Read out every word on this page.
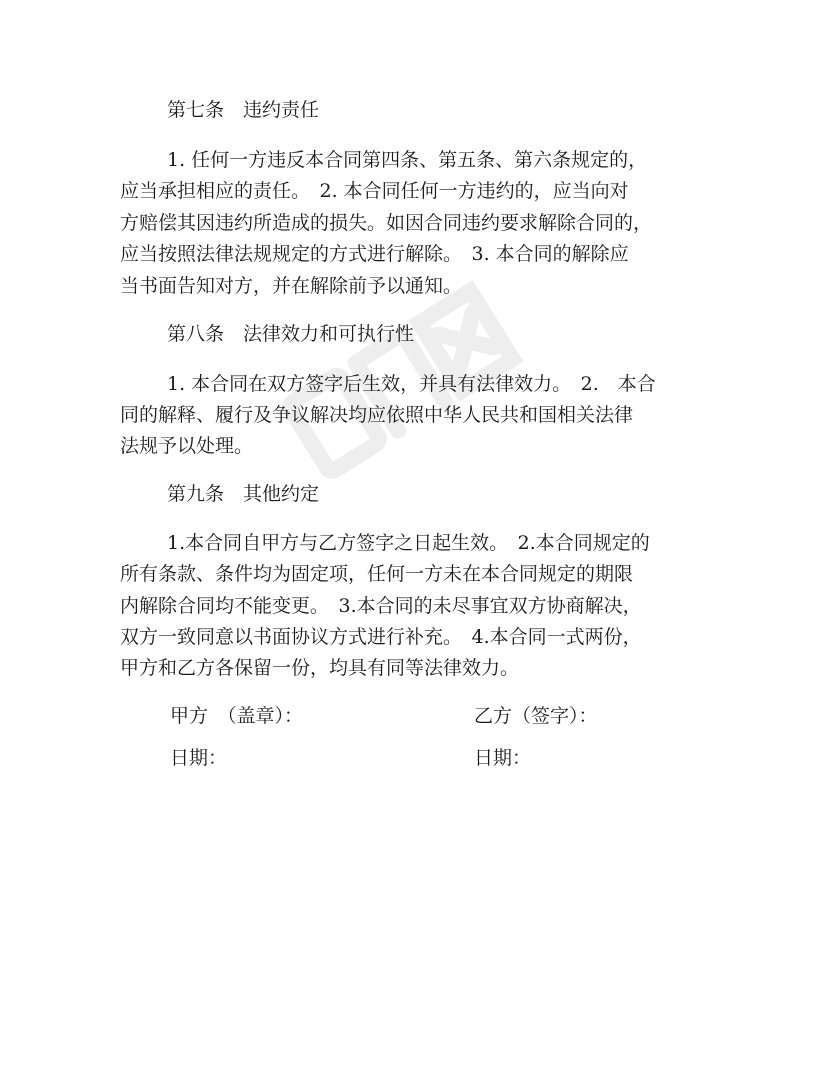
第七条　违约责任
1. 任何一方违反本合同第四条、第五条、第六条规定的，
应当承担相应的责任。　2. 本合同任何一方违约的，应当向对
方赔偿其因违约所造成的损失。如因合同违约要求解除合同的，
应当按照法律法规规定的方式进行解除。　3. 本合同的解除应
当书面告知对方，并在解除前予以通知。
第八条　法律效力和可执行性
1. 本合同在双方签字后生效，并具有法律效力。　2.　本合
同的解释、履行及争议解决均应依照中华人民共和国相关法律
法规予以处理。
第九条　其他约定
1.本合同自甲方与乙方签字之日起生效。　2.本合同规定的
所有条款、条件均为固定项，任何一方未在本合同规定的期限
内解除合同均不能变更。　3.本合同的未尽事宜双方协商解决，
双方一致同意以书面协议方式进行补充。　4.本合同一式两份，
甲方和乙方各保留一份，均具有同等法律效力。
甲方　（盖章）：	乙方（签字）：
日期：	日期：
